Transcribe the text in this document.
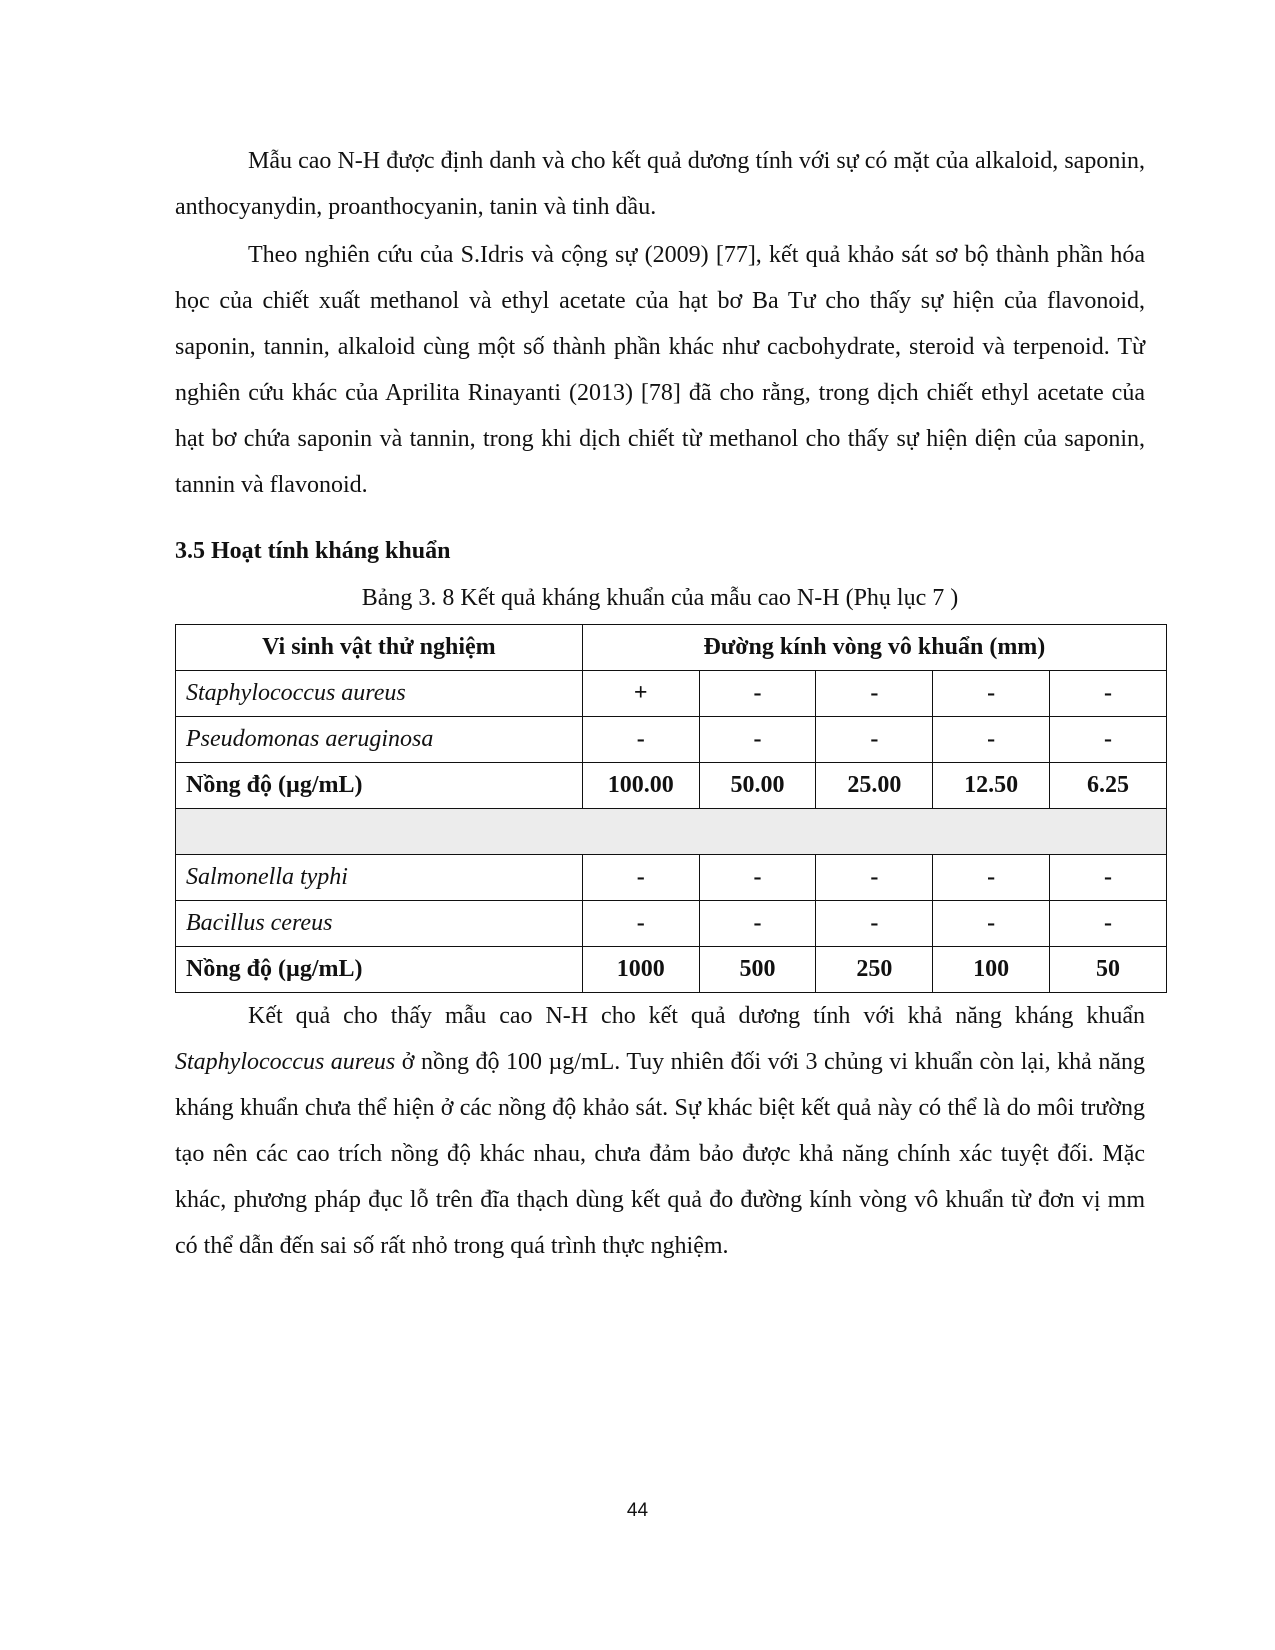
Mẫu cao N-H được định danh và cho kết quả dương tính với sự có mặt của alkaloid, saponin, anthocyanydin, proanthocyanin, tanin và tinh dầu.

Theo nghiên cứu của S.Idris và cộng sự (2009) [77], kết quả khảo sát sơ bộ thành phần hóa học của chiết xuất methanol và ethyl acetate của hạt bơ Ba Tư cho thấy sự hiện của flavonoid, saponin, tannin, alkaloid cùng một số thành phần khác như cacbohydrate, steroid và terpenoid. Từ nghiên cứu khác của Aprilita Rinayanti (2013) [78] đã cho rằng, trong dịch chiết ethyl acetate của hạt bơ chứa saponin và tannin, trong khi dịch chiết từ methanol cho thấy sự hiện diện của saponin, tannin và flavonoid.

3.5 Hoạt tính kháng khuẩn
Bảng 3. 8 Kết quả kháng khuẩn của mẫu cao N-H (Phụ lục 7 )
Vi sinh vật thử nghiệm	Đường kính vòng vô khuẩn (mm)				
Staphylococcus aureus	+	-	-	-	-
Pseudomonas aeruginosa	-	-	-	-	-
Nồng độ (µg/mL)	100.00	50.00	25.00	12.50	6.25

Salmonella typhi	-	-	-	-	-
Bacillus cereus	-	-	-	-	-
Nồng độ (µg/mL)	1000	500	250	100	50

Kết quả cho thấy mẫu cao N-H cho kết quả dương tính với khả năng kháng khuẩn Staphylococcus aureus ở nồng độ 100 µg/mL. Tuy nhiên đối với 3 chủng vi khuẩn còn lại, khả năng kháng khuẩn chưa thể hiện ở các nồng độ khảo sát. Sự khác biệt kết quả này có thể là do môi trường tạo nên các cao trích nồng độ khác nhau, chưa đảm bảo được khả năng chính xác tuyệt đối. Mặc khác, phương pháp đục lỗ trên đĩa thạch dùng kết quả đo đường kính vòng vô khuẩn từ đơn vị mm có thể dẫn đến sai số rất nhỏ trong quá trình thực nghiệm.

44
